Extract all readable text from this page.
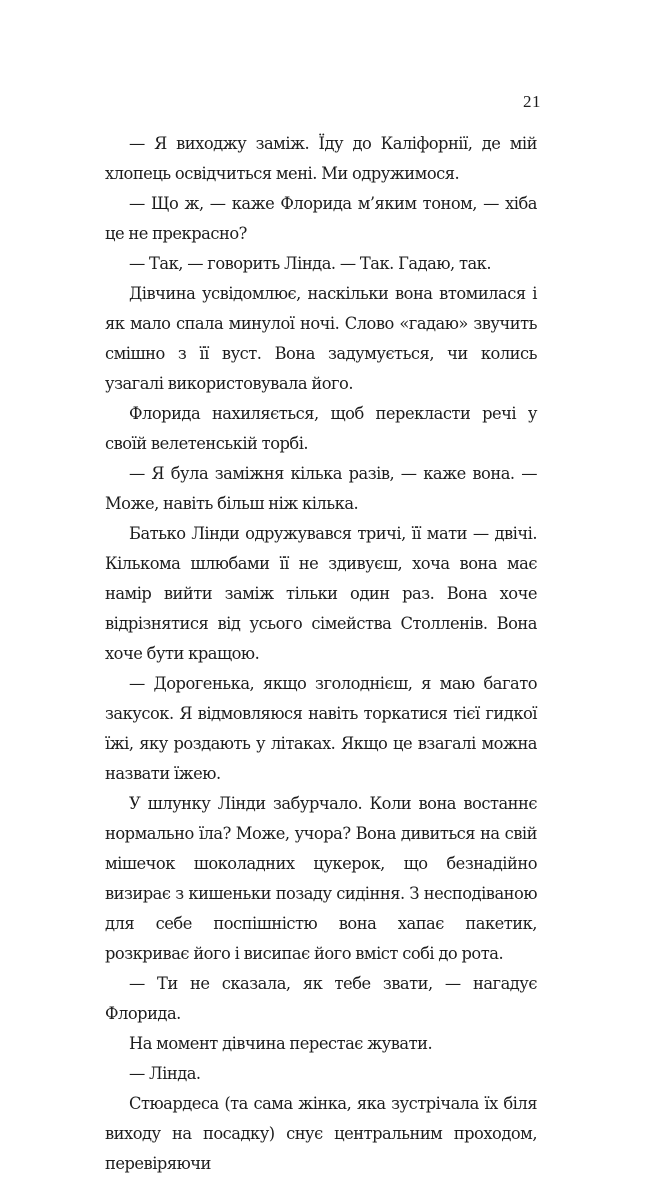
21

— Я виходжу заміж. Їду до Каліфорнії, де мій хлопець освідчиться мені. Ми одружимося.

— Що ж, — каже Флорида м’яким тоном, — хіба це не прекрасно?

— Так, — говорить Лінда. — Так. Гадаю, так.

Дівчина усвідомлює, наскільки вона втомилася і як мало спала минулої ночі. Слово «гадаю» звучить смішно з її вуст. Вона задумується, чи колись узагалі використовувала його.

Флорида нахиляється, щоб перекласти речі у своїй велетенській торбі.

— Я була заміжня кілька разів, — каже вона. — Може, навіть більш ніж кілька.

Батько Лінди одружувався тричі, її мати — двічі. Кількома шлюбами її не здивуєш, хоча вона має намір вийти заміж тільки один раз. Вона хоче відрізнятися від усього сімейства Столленів. Вона хоче бути кращою.

— Дорогенька, якщо зголоднієш, я маю багато закусок. Я відмовляюся навіть торкатися тієї гидкої їжі, яку роздають у літаках. Якщо це взагалі можна назвати їжею.

У шлунку Лінди забурчало. Коли вона востаннє нормально їла? Може, учора? Вона дивиться на свій мішечок шоколадних цукерок, що безнадійно визирає з кишеньки позаду сидіння. З несподіваною для себе поспішністю вона хапає пакетик, розкриває його і висипає його вміст собі до рота.

— Ти не сказала, як тебе звати, — нагадує Флорида.

На момент дівчина перестає жувати.

— Лінда.

Стюардеса (та сама жінка, яка зустрічала їх біля виходу на посадку) снує центральним проходом, перевіряючи
